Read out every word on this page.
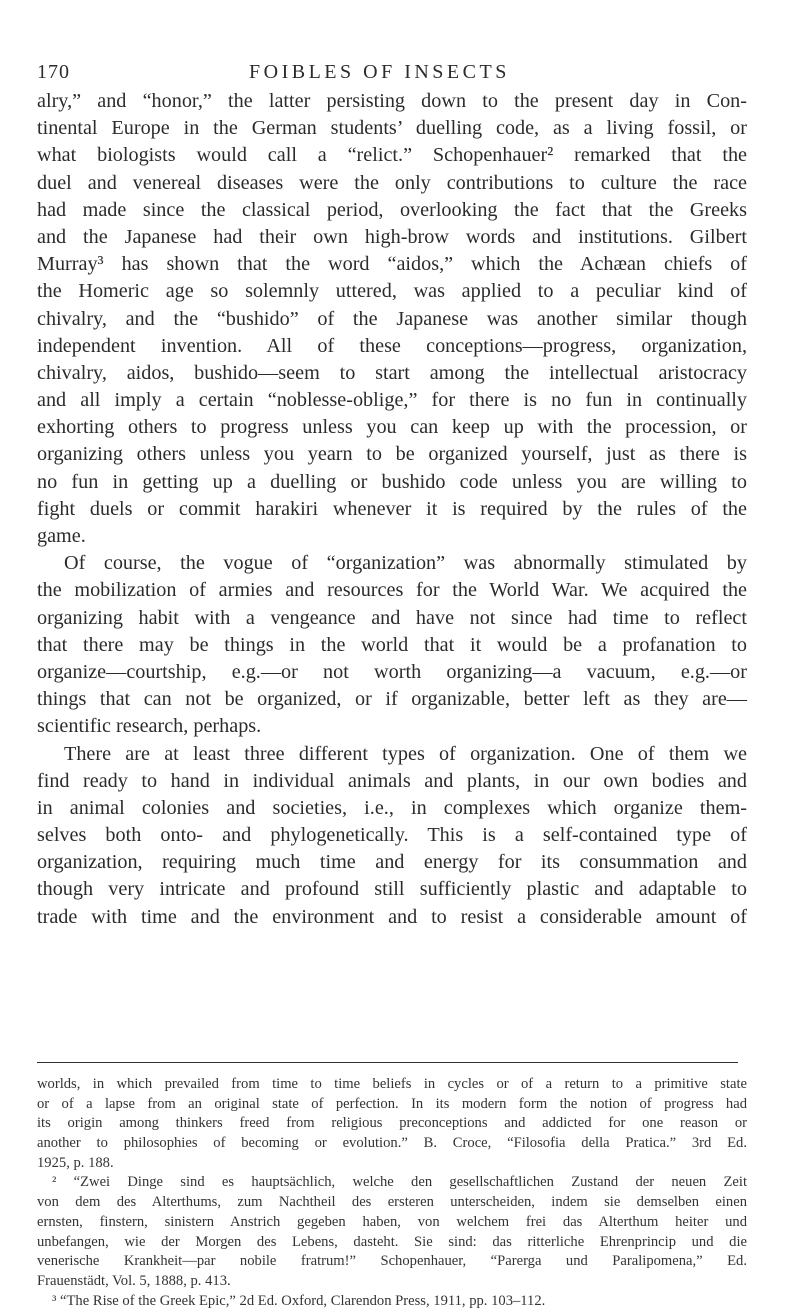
170	FOIBLES OF INSECTS
alry,” and “honor,” the latter persisting down to the present day in Con-
tinental Europe in the German students’ duelling code, as a living fossil, or
what biologists would call a “relict.” Schopenhauer² remarked that the
duel and venereal diseases were the only contributions to culture the race
had made since the classical period, overlooking the fact that the Greeks
and the Japanese had their own high-brow words and institutions. Gilbert
Murray³ has shown that the word “aidos,” which the Achæan chiefs of
the Homeric age so solemnly uttered, was applied to a peculiar kind of
chivalry, and the “bushido” of the Japanese was another similar though
independent invention. All of these conceptions—progress, organization,
chivalry, aidos, bushido—seem to start among the intellectual aristocracy
and all imply a certain “noblesse-oblige,” for there is no fun in continually
exhorting others to progress unless you can keep up with the procession, or
organizing others unless you yearn to be organized yourself, just as there is
no fun in getting up a duelling or bushido code unless you are willing to
fight duels or commit harakiri whenever it is required by the rules of the
game.
Of course, the vogue of “organization” was abnormally stimulated by
the mobilization of armies and resources for the World War. We acquired the
organizing habit with a vengeance and have not since had time to reflect
that there may be things in the world that it would be a profanation to
organize—courtship, e.g.—or not worth organizing—a vacuum, e.g.—or
things that can not be organized, or if organizable, better left as they are—
scientific research, perhaps.
There are at least three different types of organization. One of them we
find ready to hand in individual animals and plants, in our own bodies and
in animal colonies and societies, i.e., in complexes which organize them-
selves both onto- and phylogenetically. This is a self-contained type of
organization, requiring much time and energy for its consummation and
though very intricate and profound still sufficiently plastic and adaptable to
trade with time and the environment and to resist a considerable amount of
worlds, in which prevailed from time to time beliefs in cycles or of a return to a primitive state
or of a lapse from an original state of perfection. In its modern form the notion of progress had
its origin among thinkers freed from religious preconceptions and addicted for one reason or
another to philosophies of becoming or evolution.” B. Croce, “Filosofia della Pratica.” 3rd Ed.
1925, p. 188.
² “Zwei Dinge sind es hauptsächlich, welche den gesellschaftlichen Zustand der neuen Zeit
von dem des Alterthums, zum Nachtheil des ersteren unterscheiden, indem sie demselben einen
ernsten, finstern, sinistern Anstrich gegeben haben, von welchem frei das Alterthum heiter und
unbefangen, wie der Morgen des Lebens, dasteht. Sie sind: das ritterliche Ehrenprincip und die
venerische Krankheit—par nobile fratrum!” Schopenhauer, “Parerga und Paralipomena,” Ed.
Frauenstädt, Vol. 5, 1888, p. 413.
³ “The Rise of the Greek Epic,” 2d Ed. Oxford, Clarendon Press, 1911, pp. 103–112.
